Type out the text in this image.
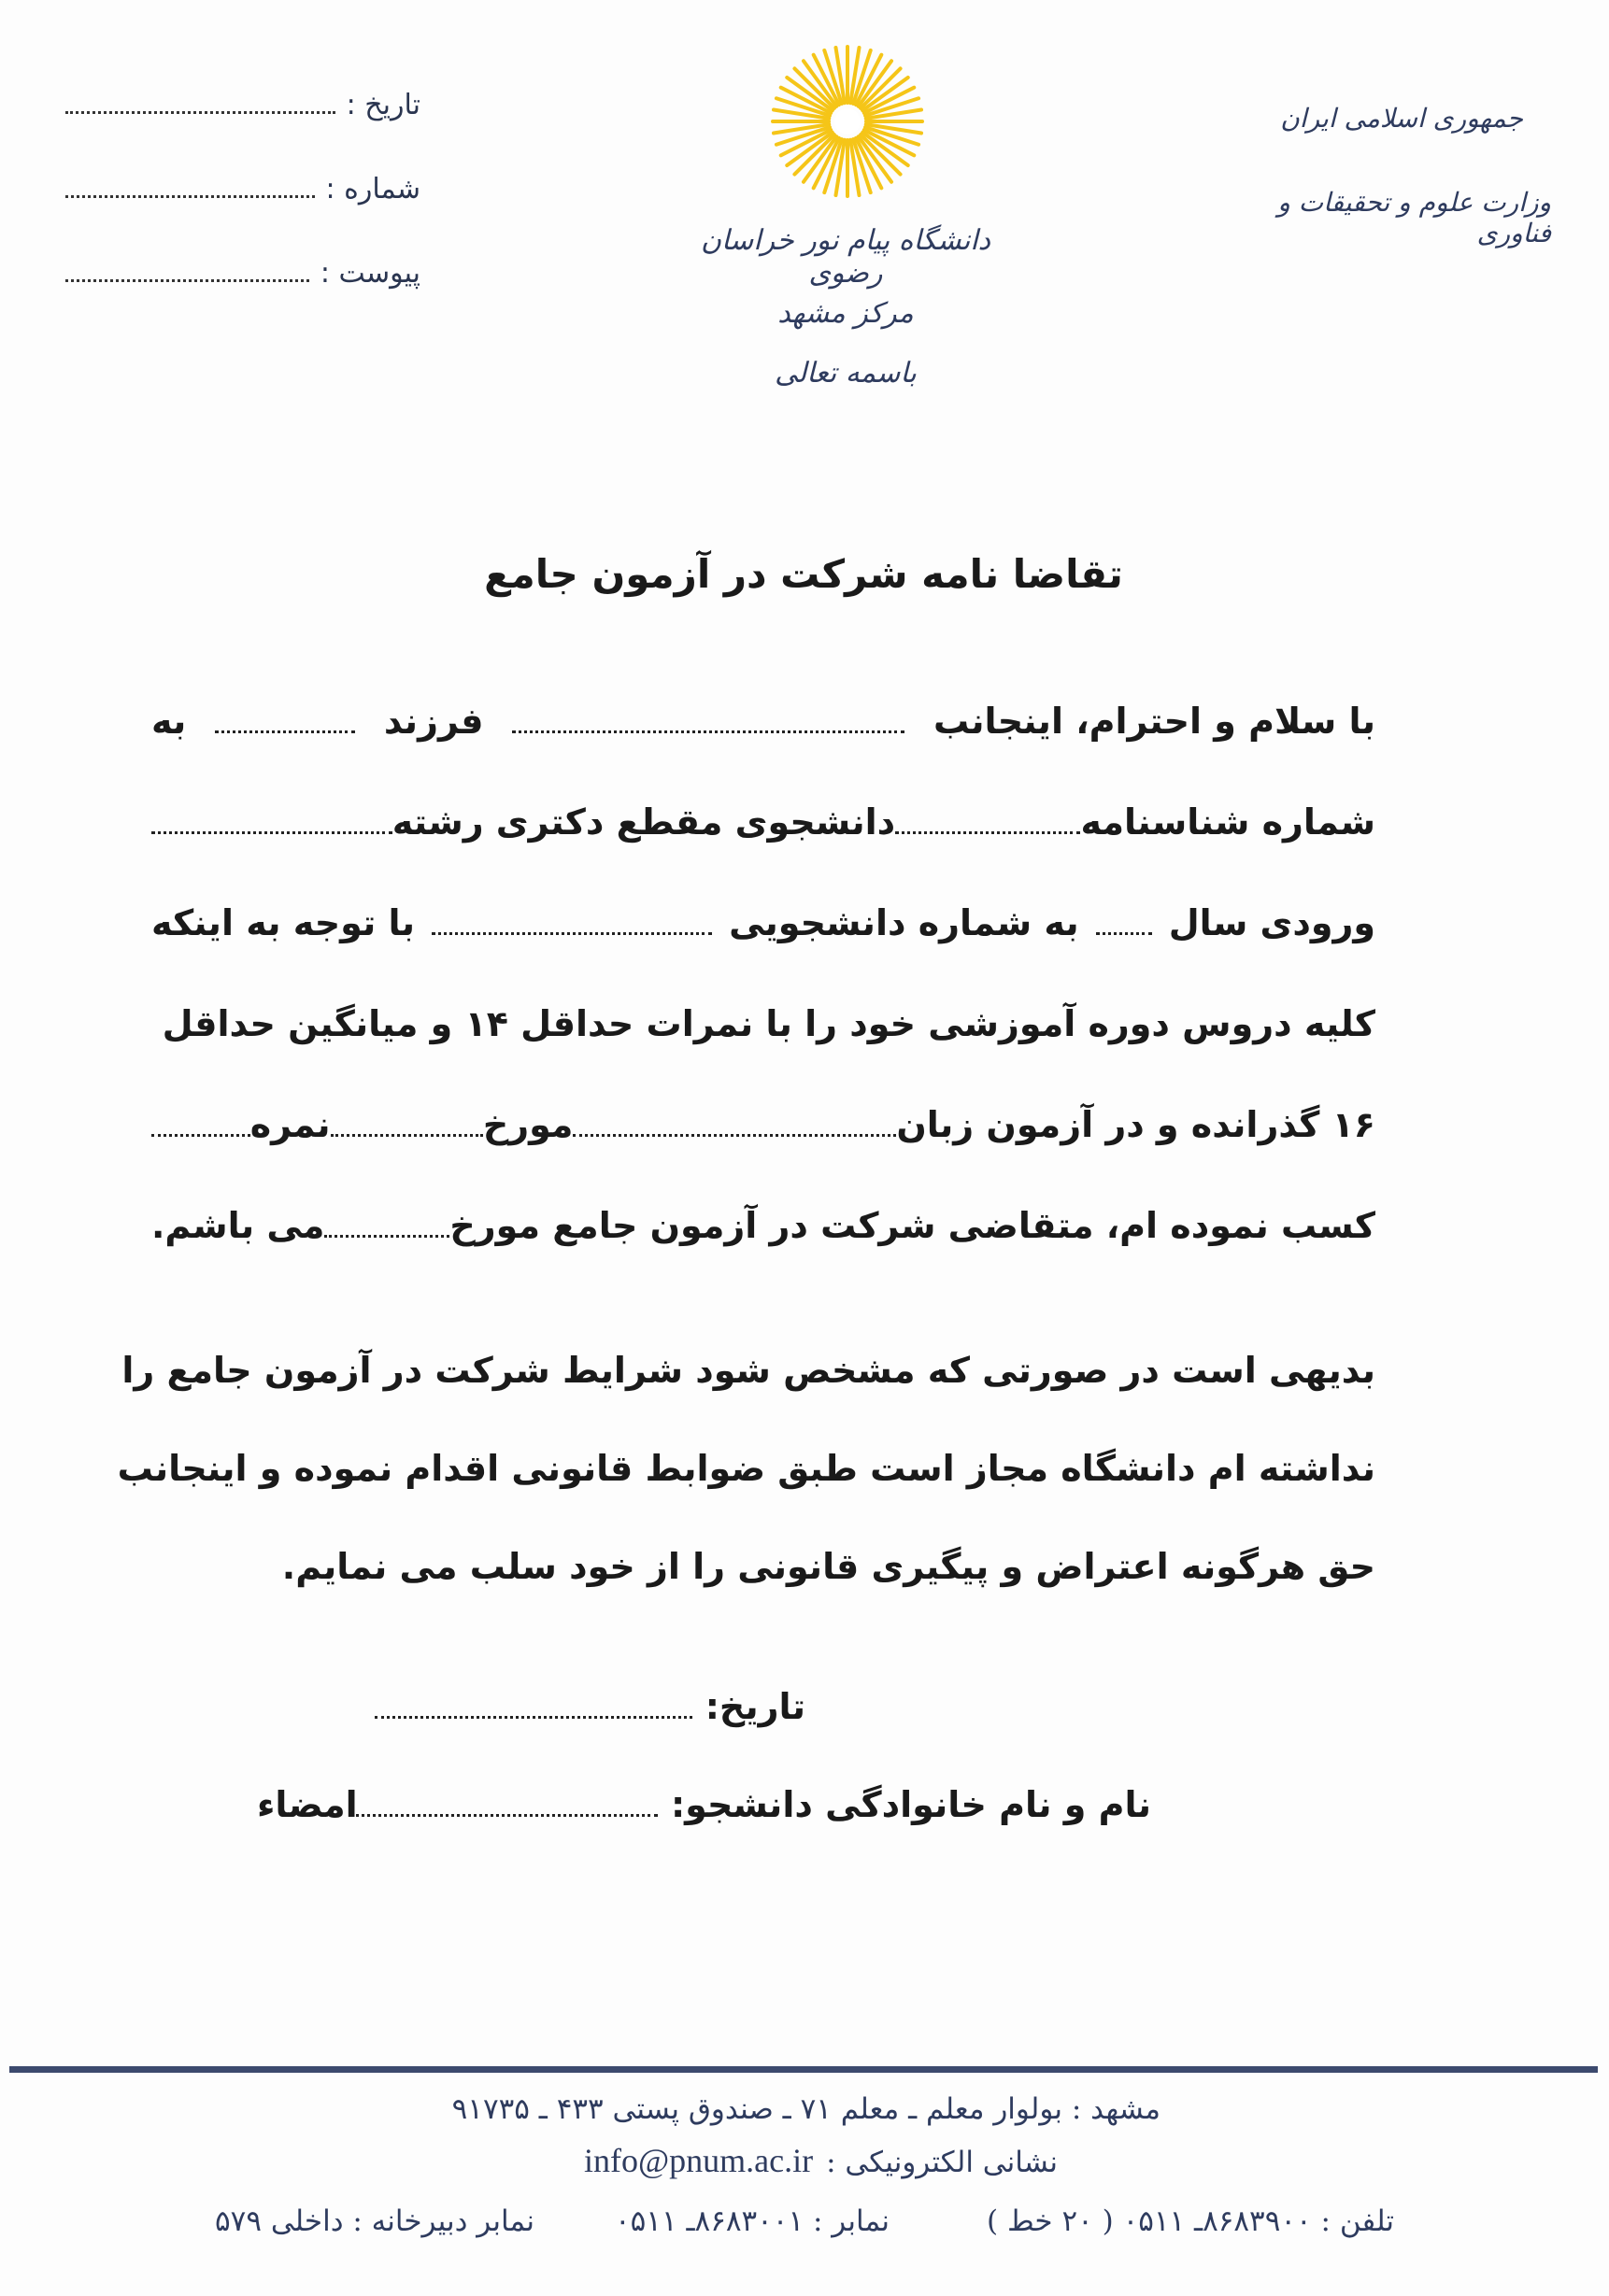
تاریخ :
شماره :
پیوست :
دانشگاه پیام نور خراسان رضوی
مرکز مشهد
باسمه تعالی
جمهوری اسلامی ایران
وزارت علوم و تحقیقات و فناوری
تقاضا نامه شرکت در آزمون جامع
با سلام و احترام، اینجانب
فرزند
به
شماره شناسنامه
دانشجوی مقطع دکتری رشته
ورودی سال
به شماره دانشجویی
با توجه به اینکه
کلیه دروس دوره آموزشی خود را با نمرات حداقل ۱۴ و میانگین حداقل
۱۶ گذرانده و در آزمون زبان
مورخ
نمره
کسب نموده ام، متقاضی شرکت در آزمون جامع مورخ
می باشم.
بدیهی است در صورتی که مشخص شود شرایط شرکت در آزمون جامع را
نداشته ام دانشگاه مجاز است طبق ضوابط قانونی اقدام نموده و اینجانب
حق هرگونه اعتراض و پیگیری قانونی را از خود سلب می نمایم.
تاریخ:
نام و نام خانوادگی دانشجو:
امضاء
مشهد : بولوار معلم ـ معلم ۷۱ ـ صندوق پستی ۴۳۳ ـ ۹۱۷۳۵
نشانی الکترونیکی :
info@pnum.ac.ir
تلفن : ۸۶۸۳۹۰۰ـ ۰۵۱۱ ( ۲۰ خط )
نمابر : ۸۶۸۳۰۰۱ـ ۰۵۱۱
نمابر دبیرخانه : داخلی ۵۷۹
